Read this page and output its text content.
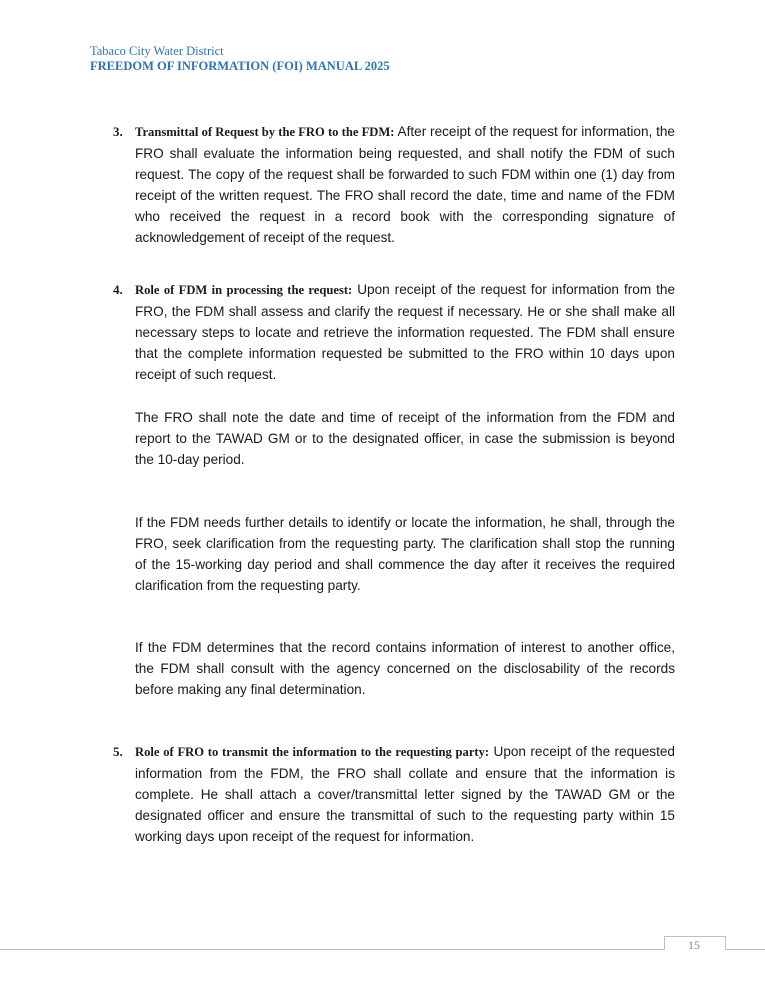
Tabaco City Water District
FREEDOM OF INFORMATION (FOI) MANUAL 2025
3. Transmittal of Request by the FRO to the FDM: After receipt of the request for information, the FRO shall evaluate the information being requested, and shall notify the FDM of such request. The copy of the request shall be forwarded to such FDM within one (1) day from receipt of the written request. The FRO shall record the date, time and name of the FDM who received the request in a record book with the corresponding signature of acknowledgement of receipt of the request.

4. Role of FDM in processing the request: Upon receipt of the request for information from the FRO, the FDM shall assess and clarify the request if necessary. He or she shall make all necessary steps to locate and retrieve the information requested. The FDM shall ensure that the complete information requested be submitted to the FRO within 10 days upon receipt of such request.

The FRO shall note the date and time of receipt of the information from the FDM and report to the TAWAD GM or to the designated officer, in case the submission is beyond the 10-day period.

If the FDM needs further details to identify or locate the information, he shall, through the FRO, seek clarification from the requesting party. The clarification shall stop the running of the 15-working day period and shall commence the day after it receives the required clarification from the requesting party.

If the FDM determines that the record contains information of interest to another office, the FDM shall consult with the agency concerned on the disclosability of the records before making any final determination.

5. Role of FRO to transmit the information to the requesting party: Upon receipt of the requested information from the FDM, the FRO shall collate and ensure that the information is complete. He shall attach a cover/transmittal letter signed by the TAWAD GM or the designated officer and ensure the transmittal of such to the requesting party within 15 working days upon receipt of the request for information.

15
